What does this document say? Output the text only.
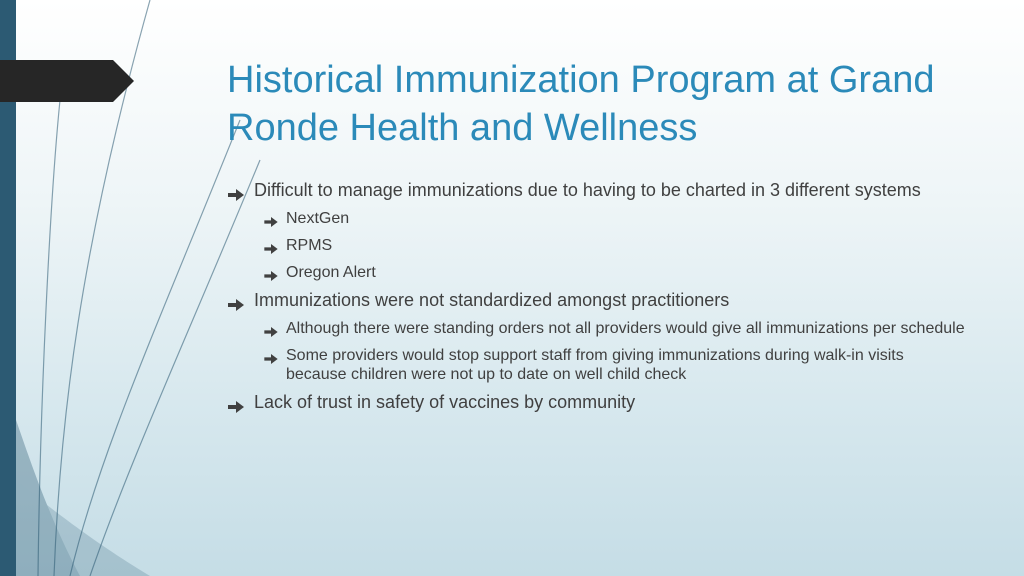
Historical Immunization Program at Grand Ronde Health and Wellness
Difficult to manage immunizations due to having to be charted in 3 different systems
NextGen
RPMS
Oregon Alert
Immunizations were not standardized amongst practitioners
Although there were standing orders not all providers would give all immunizations per schedule
Some providers would stop support staff from giving immunizations during walk-in visits because children were not up to date on well child check
Lack of trust in safety of vaccines by community
